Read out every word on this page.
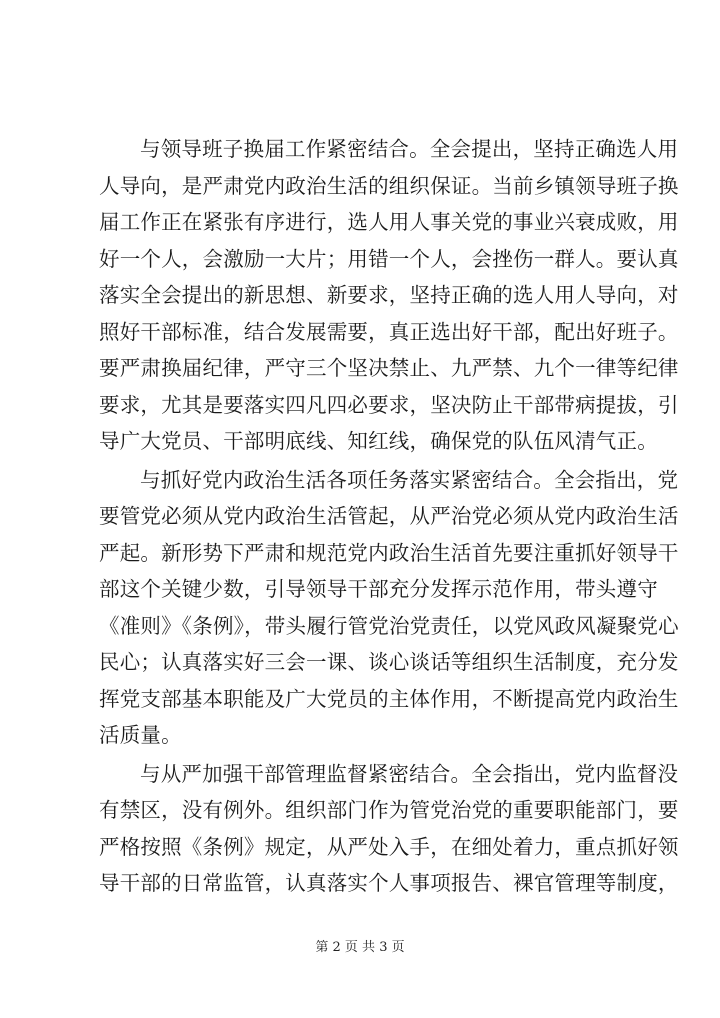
与领导班子换届工作紧密结合。全会提出，坚持正确选人用
人导向，是严肃党内政治生活的组织保证。当前乡镇领导班子换
届工作正在紧张有序进行，选人用人事关党的事业兴衰成败，用
好一个人，会激励一大片；用错一个人，会挫伤一群人。要认真
落实全会提出的新思想、新要求，坚持正确的选人用人导向，对
照好干部标准，结合发展需要，真正选出好干部，配出好班子。
要严肃换届纪律，严守三个坚决禁止、九严禁、九个一律等纪律
要求，尤其是要落实四凡四必要求，坚决防止干部带病提拔，引
导广大党员、干部明底线、知红线，确保党的队伍风清气正。

与抓好党内政治生活各项任务落实紧密结合。全会指出，党
要管党必须从党内政治生活管起，从严治党必须从党内政治生活
严起。新形势下严肃和规范党内政治生活首先要注重抓好领导干
部这个关键少数，引导领导干部充分发挥示范作用，带头遵守
《准则》《条例》，带头履行管党治党责任，以党风政风凝聚党心
民心；认真落实好三会一课、谈心谈话等组织生活制度，充分发
挥党支部基本职能及广大党员的主体作用，不断提高党内政治生
活质量。

与从严加强干部管理监督紧密结合。全会指出，党内监督没
有禁区，没有例外。组织部门作为管党治党的重要职能部门，要
严格按照《条例》规定，从严处入手，在细处着力，重点抓好领
导干部的日常监管，认真落实个人事项报告、裸官管理等制度，

第 2 页 共 3 页
